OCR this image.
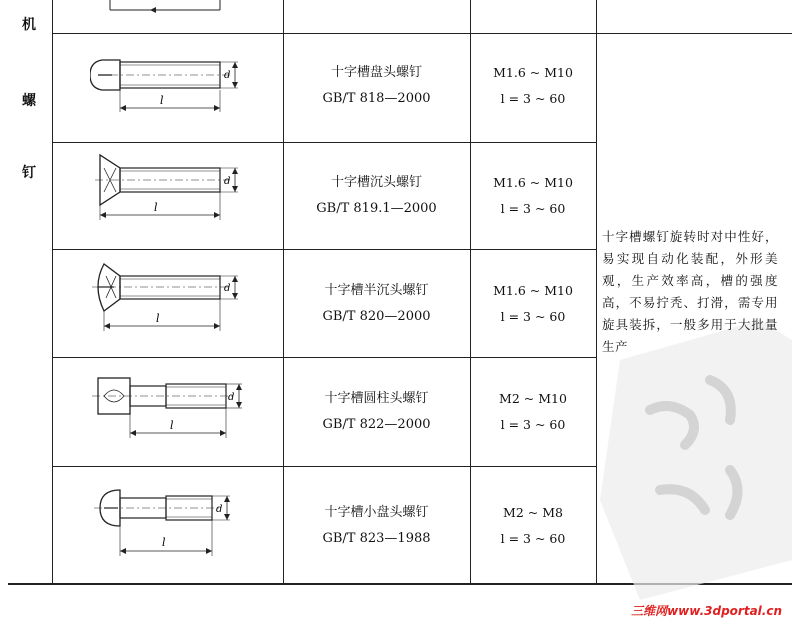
机
螺
钉
d
l
十字槽盘头螺钉
GB/T 818—2000
M1.6 ~ M10
l = 3 ~ 60
d
l
十字槽沉头螺钉
GB/T 819.1—2000
M1.6 ~ M10
l = 3 ~ 60
d
l
十字槽半沉头螺钉
GB/T 820—2000
M1.6 ~ M10
l = 3 ~ 60
d
l
十字槽圆柱头螺钉
GB/T 822—2000
M2 ~ M10
l = 3 ~ 60
d
l
十字槽小盘头螺钉
GB/T 823—1988
M2 ~ M8
l = 3 ~ 60
十字槽螺钉旋转时对中性好，易实现自动化装配，外形美观，生产效率高，槽的强度高，不易拧秃、打滑，需专用旋具装拆，一般多用于大批量生产
三维网www.3dportal.cn
